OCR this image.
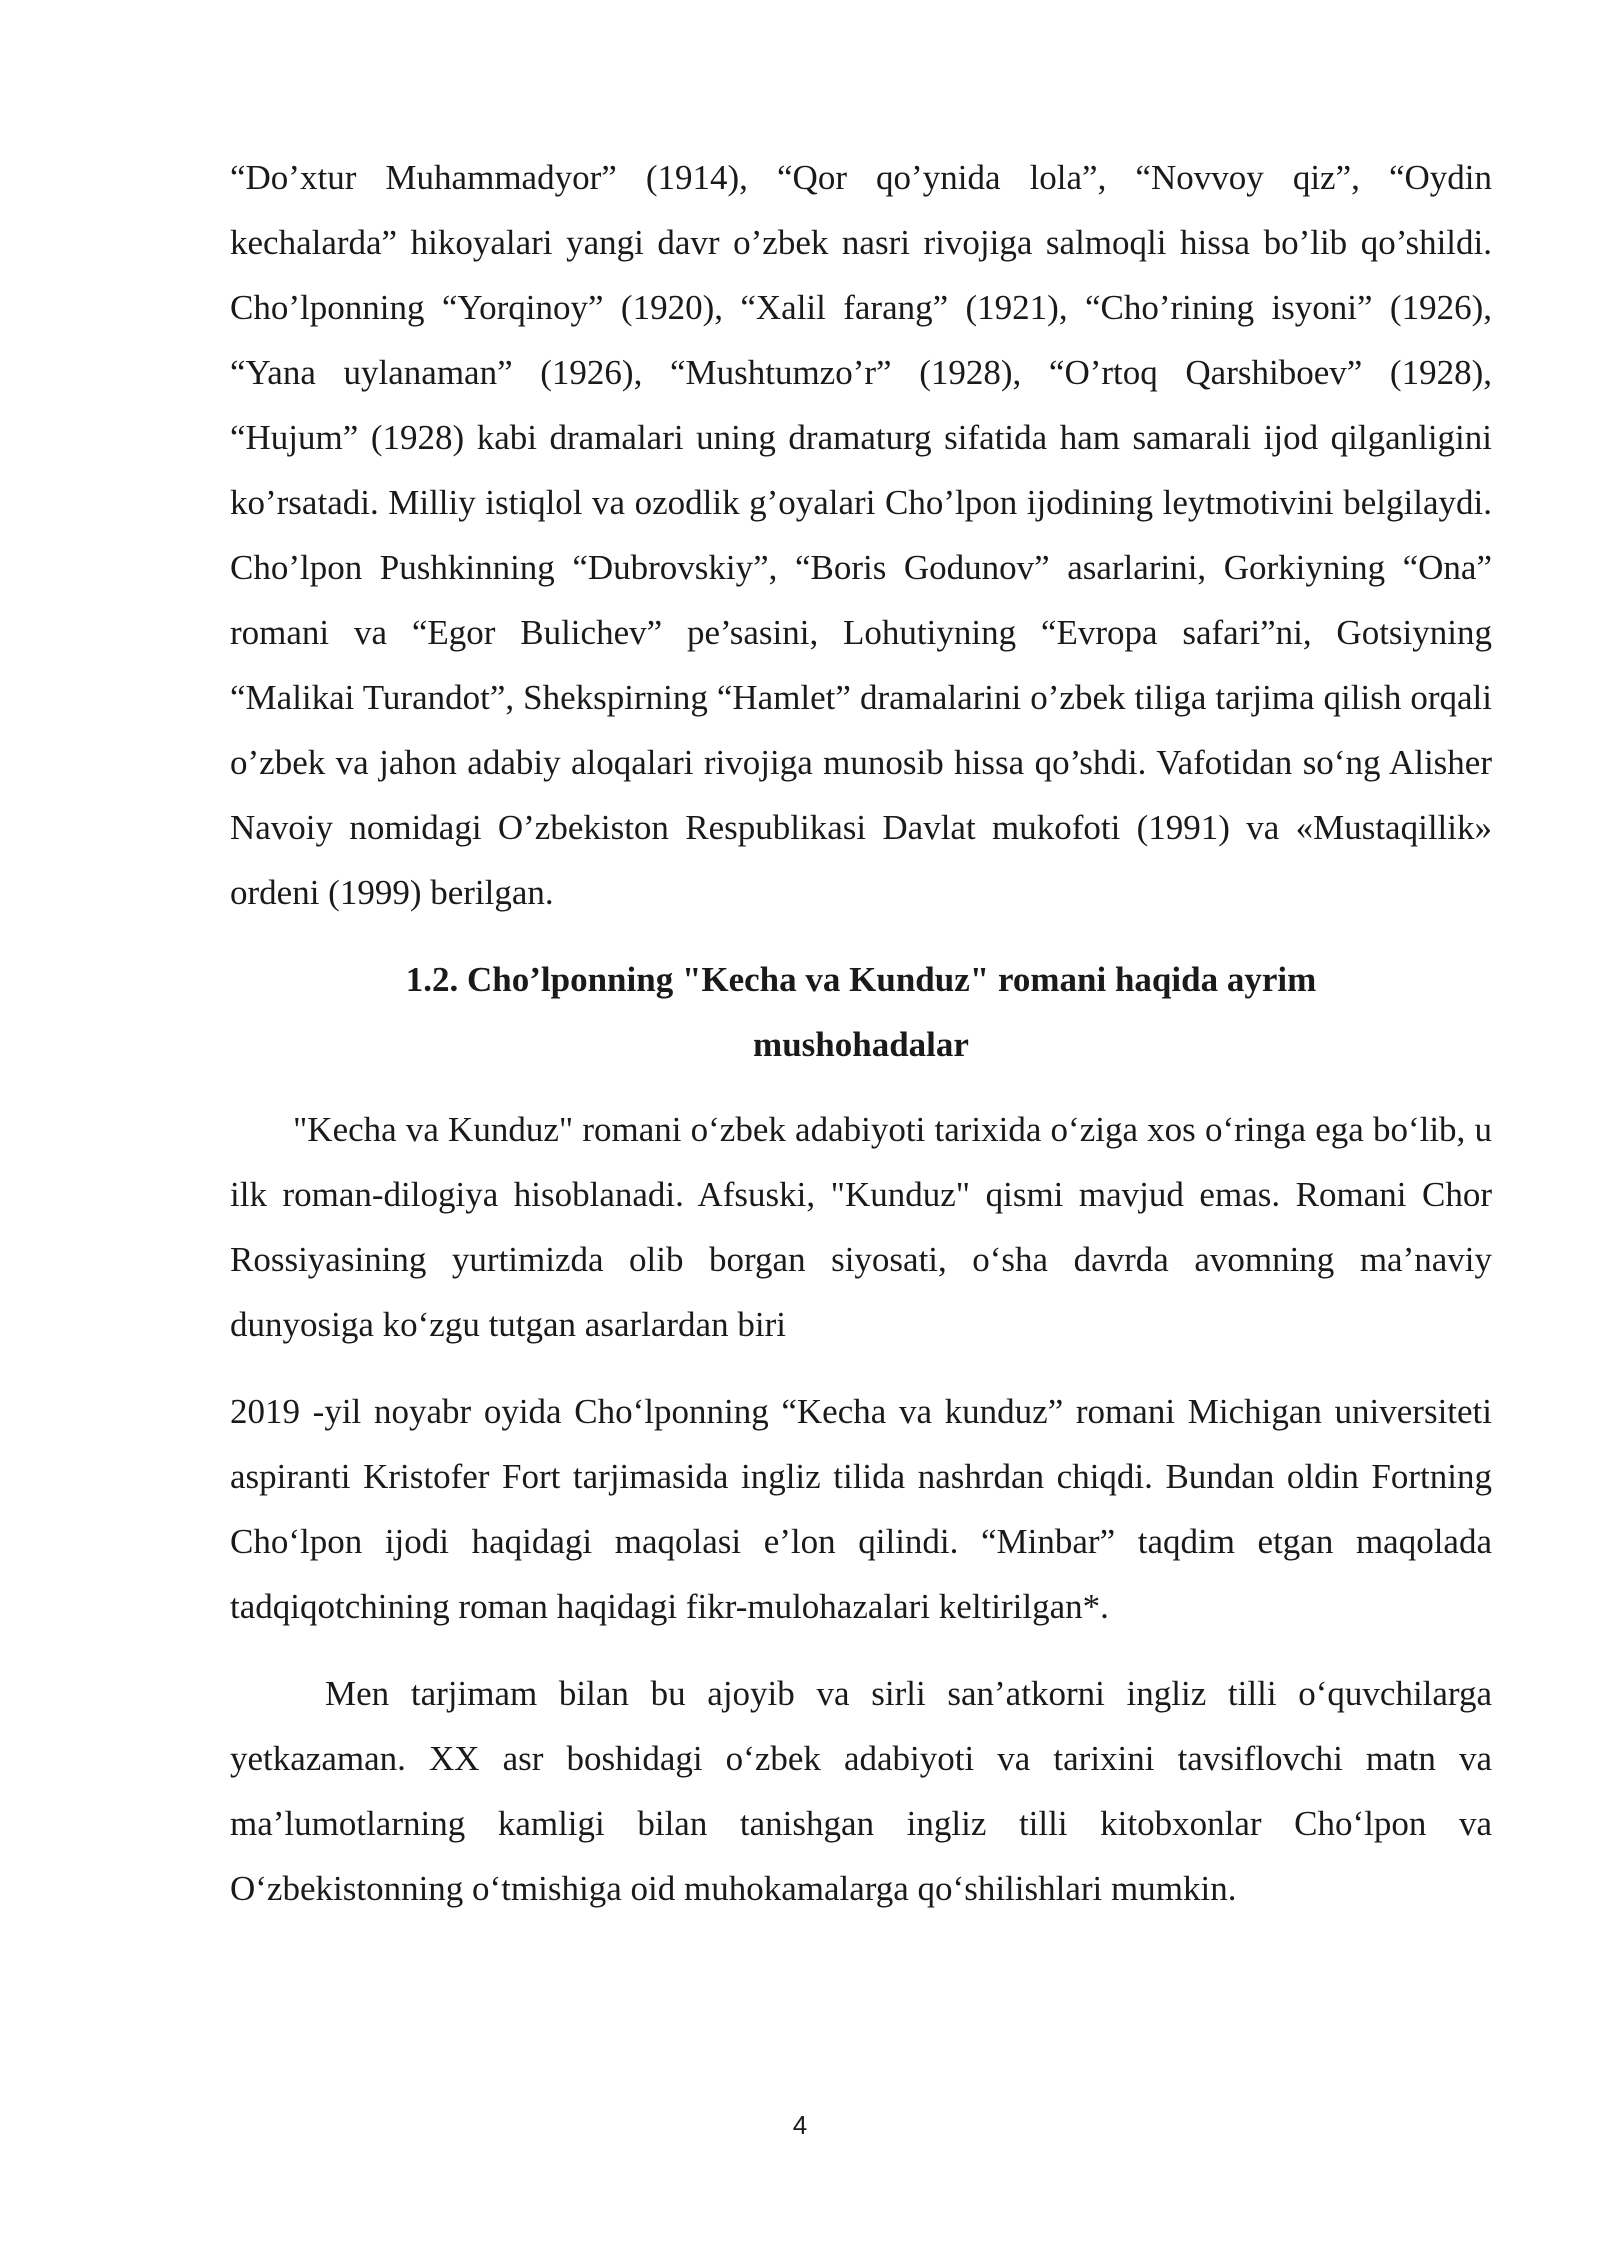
“Do’xtur Muhammadyor” (1914), “Qor qo’ynida lola”, “Novvoy qiz”, “Oydin kechalarda” hikoyalari yangi davr o’zbek nasri rivojiga salmoqli hissa bo’lib qo’shildi. Cho’lponning “Yorqinoy” (1920), “Xalil farang” (1921), “Cho’rining isyoni” (1926), “Yana uylanaman” (1926), “Mushtumzo’r” (1928), “O’rtoq Qarshiboev” (1928), “Hujum” (1928) kabi dramalari uning dramaturg sifatida ham samarali ijod qilganligini ko’rsatadi. Milliy istiqlol va ozodlik g’oyalari Cho’lpon ijodining leytmotivini belgilaydi. Cho’lpon Pushkinning “Dubrovskiy”, “Boris Godunov” asarlarini, Gorkiyning “Ona” romani va “Egor Bulichev” pe’sasini, Lohutiyning “Evropa safari”ni, Gotsiyning “Malikai Turandot”, Shekspirning “Hamlet” dramalarini o’zbek tiliga tarjima qilish orqali o’zbek va jahon adabiy aloqalari rivojiga munosib hissa qo’shdi. Vafotidan soʻng Alisher Navoiy nomidagi O’zbekiston Respublikasi Davlat mukofoti (1991) va «Mustaqillik» ordeni (1999) berilgan.

1.2. Cho’lponning "Kecha va Kunduz" romani haqida ayrim mushohadalar

"Kecha va Kunduz" romani oʻzbek adabiyoti tarixida oʻziga xos oʻringa ega boʻlib, u ilk roman-dilogiya hisoblanadi. Afsuski, "Kunduz" qismi mavjud emas. Romani Chor Rossiyasining yurtimizda olib borgan siyosati, oʻsha davrda avomning ma’naviy dunyosiga koʻzgu tutgan asarlardan biri

2019 -yil noyabr oyida Choʻlponning “Kecha va kunduz” romani Michigan universiteti aspiranti Kristofer Fort tarjimasida ingliz tilida nashrdan chiqdi. Bundan oldin Fortning Choʻlpon ijodi haqidagi maqolasi e’lon qilindi. “Minbar” taqdim etgan maqolada tadqiqotchining roman haqidagi fikr-mulohazalari keltirilgan*.

Men tarjimam bilan bu ajoyib va sirli san’atkorni ingliz tilli oʻquvchilarga yetkazaman. XX asr boshidagi oʻzbek adabiyoti va tarixini tavsiflovchi matn va ma’lumotlarning kamligi bilan tanishgan ingliz tilli kitobxonlar Choʻlpon va Oʻzbekistonning oʻtmishiga oid muhokamalarga qoʻshilishlari mumkin.

4
